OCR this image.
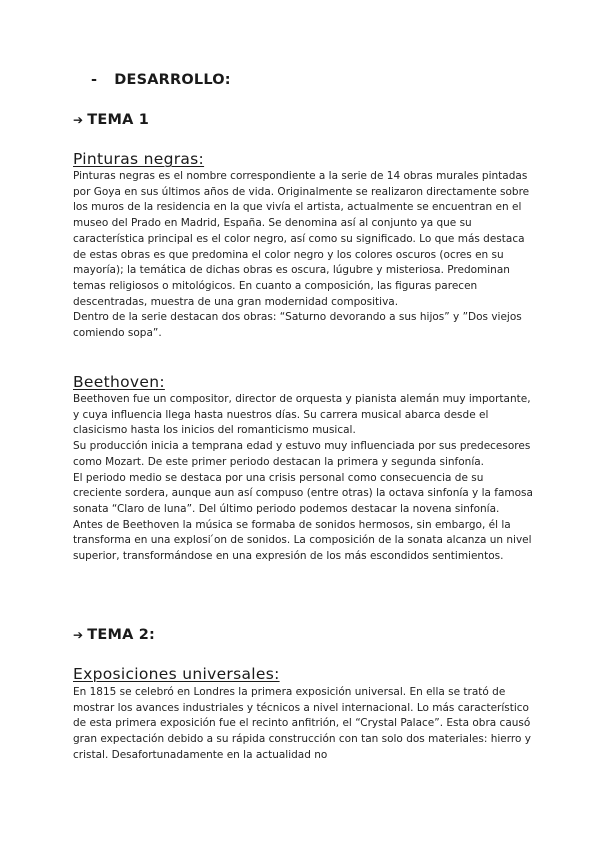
- DESARROLLO:
➔ TEMA 1
Pinturas negras:

Pinturas negras es el nombre correspondiente a la serie de 14 obras murales pintadas por Goya en sus últimos años de vida. Originalmente se realizaron directamente sobre los muros de la residencia en la que vivía el artista, actualmente se encuentran en el museo del Prado en Madrid, España. Se denomina así al conjunto ya que su característica principal es el color negro, así como su significado. Lo que más destaca de estas obras es que predomina el color negro y los colores oscuros (ocres en su mayoría); la temática de dichas obras es oscura, lúgubre y misteriosa. Predominan temas religiosos o mitológicos. En cuanto a composición, las figuras parecen descentradas, muestra de una gran modernidad compositiva.

Dentro de la serie destacan dos obras: “Saturno devorando a sus hijos” y ”Dos viejos comiendo sopa”.

Beethoven:

Beethoven fue un compositor, director de orquesta y pianista alemán muy importante, y cuya influencia llega hasta nuestros días. Su carrera musical abarca desde el clasicismo hasta los inicios del romanticismo musical.

Su producción inicia a temprana edad y estuvo muy influenciada por sus predecesores como Mozart. De este primer periodo destacan la primera y segunda sinfonía.

El periodo medio se destaca por una crisis personal como consecuencia de su creciente sordera, aunque aun así compuso (entre otras) la octava sinfonía y la famosa sonata “Claro de luna”. Del último periodo podemos destacar la novena sinfonía.

Antes de Beethoven la música se formaba de sonidos hermosos, sin embargo, él la transforma en una explosi ́on de sonidos. La composición de la sonata alcanza un nivel superior, transformándose en una expresión de los más escondidos sentimientos.

➔ TEMA 2:
Exposiciones universales:

En 1815 se celebró en Londres la primera exposición universal. En ella se trató de mostrar los avances industriales y técnicos a nivel internacional. Lo más característico de esta primera exposición fue el recinto anfitrión, el “Crystal Palace”. Esta obra causó gran expectación debido a su rápida construcción con tan solo dos materiales: hierro y cristal. Desafortunadamente en la actualidad no
